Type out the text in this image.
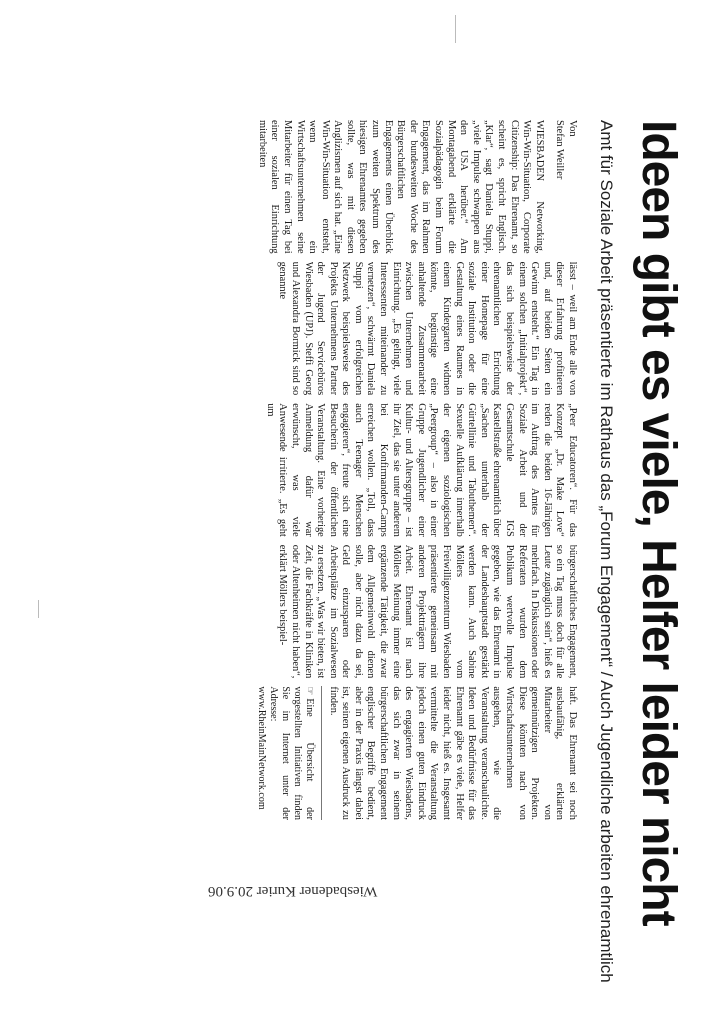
Ideen gibt es viele, Helfer leider nicht
Amt für Soziale Arbeit präsentierte im Rathaus das „Forum Engagement“ / Auch Jugendliche arbeiten ehrenamtlich
Von
Stefan Weiller

WIESBADEN Networking, Win-Win-Situation, Corporate Citizenship: Das Ehrenamt, so scheint es, spricht Englisch. „Klar“, sagt Daniela Stuppi, „viele Impulse schwappen aus den USA herüber.“ Am Montagabend erklärte die Sozialpädagogin beim Forum Engagement, das im Rahmen der bundesweiten Woche des Bürgerschaftlichen Engagements einen Überblick zum weiten Spektrum des hiesigen Ehrenamtes gegeben sollte, was mit diesen Anglizismen auf sich hat. „Eine Win-Win-Situation entsteht, wenn ein Wirtschaftsunternehmen seine Mitarbeiter für einen Tag bei einer sozialen Einrichtung mitarbeiten

lässt – weil am Ende alle von dieser Erfahrung profitieren und, auf beiden Seiten ein Gewinn entsteht.“ Ein Tag in einem solchen „Initialprojekt“, das sich beispielsweise der ehrenamtlichen Errichtung einer Homepage für eine soziale Institution oder die Gestaltung eines Raumes in einem Kindergarten widmen könnte, begünstige eine anhaltende Zusammenarbeit zwischen Unternehmen und Einrichtung. „Es gelingt, viele Interessenten miteinander zu vernetzen“, schwärmt Daniela Stuppi vom erfolgreichen Netzwerk beispielsweise des Projekts Unternehmens Partner der Jugend Servicebüros Wiesbaden (UPJ). Steffi Georg und Alexandra Bormick sind so genannte

„Peer Educatoren“. Für das Konzept „Dr. Make Love“ reden die beiden 16-Jährigen im Auftrag des Amtes für Soziale Arbeit und der Gesamtschule IGS Kastellstraße ehrenamtlich über „Sachen unterhalb der Gürtellinie und Tabuthemen“. Sexuelle Aufklärung innerhalb der eigenen soziologischen „Peergroup“ – also in einer Gruppe Jugendlicher einer Kultur- und Altersgruppe – ist ihr Ziel, das sie unter anderem bei Konfirmanden-Camps erreichen wollen. „Toll, dass auch Teenager Menschen engagieren“, freute sich eine Besucherin der öffentlichen Veranstaltung. Eine vorherige Anmeldung dafür war erwünscht, was viele Anwesende irritierte. „Es geht um

bürgerschaftliches Engagement, so ein Tag muss doch für alle Leute zugänglich sein“, hieß es mehrfach. In Diskussionen oder Referaten wurden dem Publikum wertvolle Impulse gegeben, wie das Ehrenamt in der Landeshauptstadt gestärkt werden kann. Auch Sabine Möllers vom Freiwilligenzentrum Wiesbaden präsentierte gemeinsam mit anderen Projektträgern ihre Arbeit. Ehrenamt ist nach Möllers Meinung immer eine ergänzende Tätigkeit, die zwar dem Allgemeinwohl dienen solle, aber nicht dazu da sei, Geld einzusparen oder Arbeitsplätze im Sozialwesen zu ersetzen. „Was wir bieten, ist Zeit, die Fachkräfte in Kliniken oder Altenheimen nicht haben“, erklärt Möllers beispiel-

haft. Das Ehrenamt sei noch ausbaufähig, erklärten Mitarbeiter von gemeinnützigen Projekten. Diese könnten nach von Wirtschaftsunternehmen ausgehen, wie die Veranstaltung veranschaulichte. Ideen und Bedürfnisse für das Ehrenamt gäbe es viele, Helfer leider nicht, hieß es. Insgesamt vermittelte die Veranstaltung jedoch einen guten Eindruck des engagierten Wiesbadens, das sich zwar in seinem bürgerschaftlichen Engagement englischer Begriffe bedient, aber in der Praxis längst dabei ist, seinen eigenen Ausdruck zu finden.

☞Eine Übersicht der vorgestellten Initiativen finden Sie im Internet unter der Adresse: www.RheinMainNetwork.com
Wiesbadener Kurier 20.9.06
